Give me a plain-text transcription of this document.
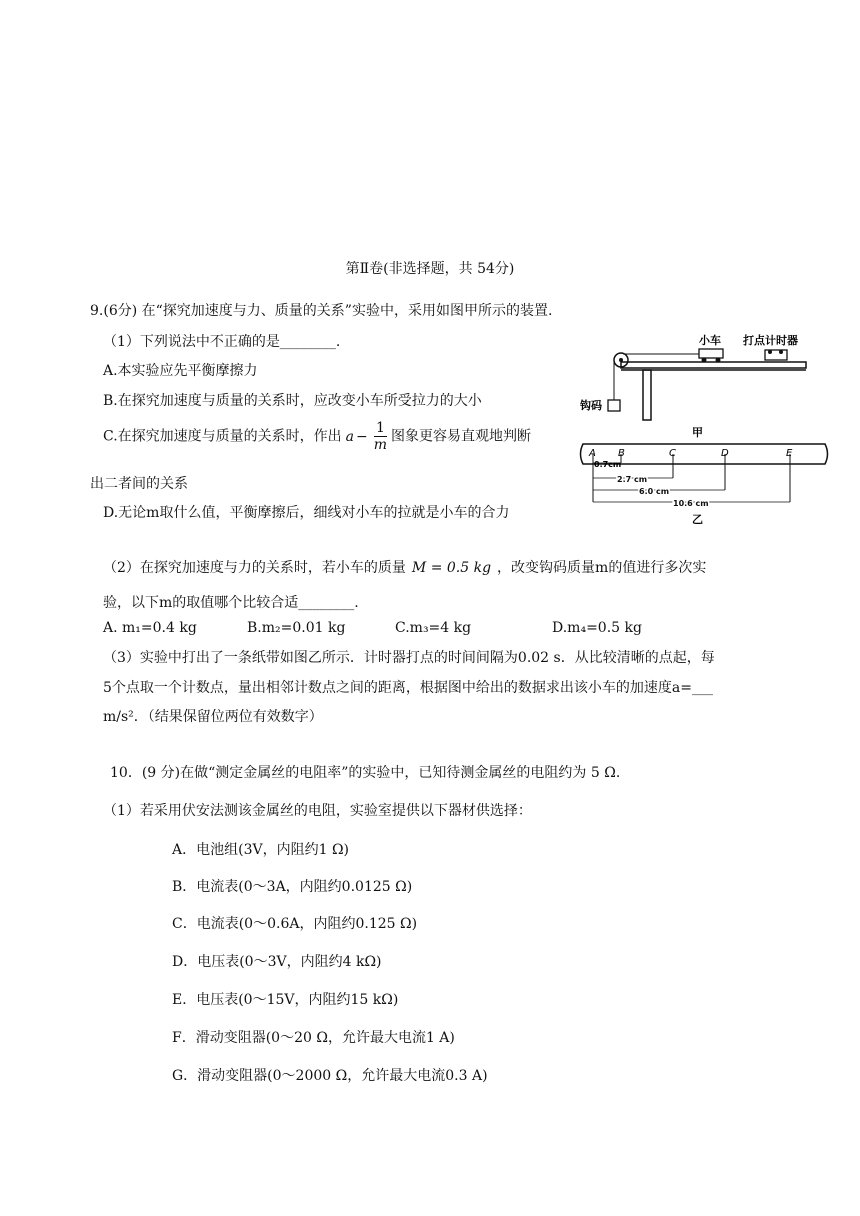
第Ⅱ卷(非选择题，共 54分)
9.(6分) 在“探究加速度与力、质量的关系”实验中，采用如图甲所示的装置.
（1）下列说法中不正确的是________.
A.本实验应先平衡摩擦力
B.在探究加速度与质量的关系时，应改变小车所受拉力的大小
C.在探究加速度与质量的关系时，作出 $a - \frac{1}{m}$ 图象更容易直观地判断
出二者间的关系
D.无论m取什么值，平衡摩擦后，细线对小车的拉就是小车的合力
小车 打点计时器
钩码
甲
A B	C	D	E
0.7cm
2.7 cm
6.0 cm
10.6 cm
乙
（2）在探究加速度与力的关系时，若小车的质量 M = 0.5 kg ，改变钩码质量m的值进行多次实
验，以下m的取值哪个比较合适________.
A. m₁=0.4 kg	B.m₂=0.01 kg	C.m₃=4 kg	D.m₄=0.5 kg
（3）实验中打出了一条纸带如图乙所示．计时器打点的时间间隔为0.02 s．从比较清晰的点起，每
5个点取一个计数点，量出相邻计数点之间的距离，根据图中给出的数据求出该小车的加速度a=___
m/s²．（结果保留位两位有效数字）
10．(9 分)在做“测定金属丝的电阻率”的实验中，已知待测金属丝的电阻约为 5 Ω.
（1）若采用伏安法测该金属丝的电阻，实验室提供以下器材供选择：
A．电池组(3V，内阻约1 Ω)
B．电流表(0～3A，内阻约0.0125 Ω)
C．电流表(0～0.6A，内阻约0.125 Ω)
D．电压表(0～3V，内阻约4 kΩ)
E．电压表(0～15V，内阻约15 kΩ)
F．滑动变阻器(0～20 Ω，允许最大电流1 A)
G．滑动变阻器(0～2000 Ω，允许最大电流0.3 A)
